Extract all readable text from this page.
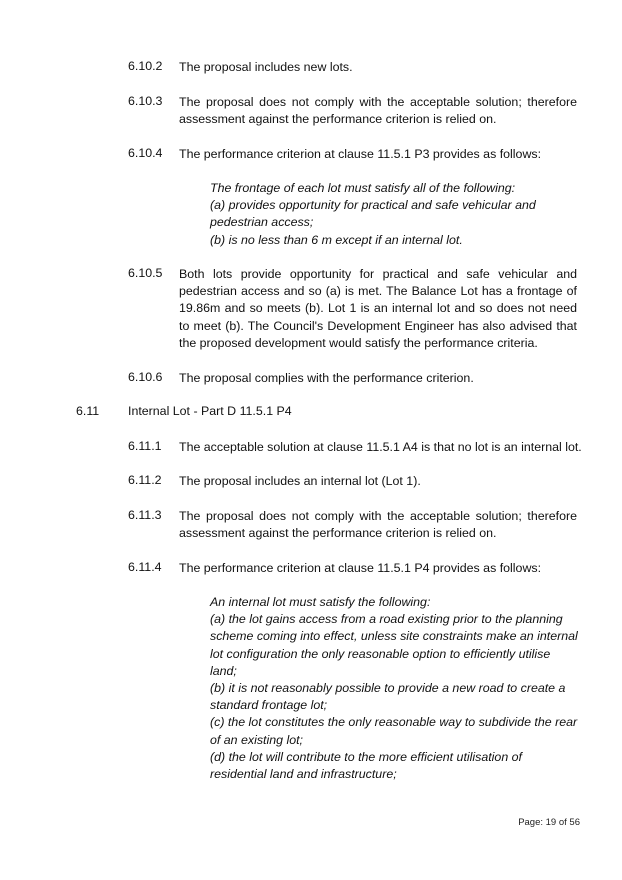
6.10.2 The proposal includes new lots.
6.10.3 The proposal does not comply with the acceptable solution; therefore assessment against the performance criterion is relied on.
6.10.4 The performance criterion at clause 11.5.1 P3 provides as follows:
The frontage of each lot must satisfy all of the following:
(a) provides opportunity for practical and safe vehicular and pedestrian access;
(b) is no less than 6 m except if an internal lot.
6.10.5 Both lots provide opportunity for practical and safe vehicular and pedestrian access and so (a) is met. The Balance Lot has a frontage of 19.86m and so meets (b). Lot 1 is an internal lot and so does not need to meet (b). The Council's Development Engineer has also advised that the proposed development would satisfy the performance criteria.
6.10.6 The proposal complies with the performance criterion.
6.11 Internal Lot - Part D 11.5.1 P4
6.11.1 The acceptable solution at clause 11.5.1 A4 is that no lot is an internal lot.
6.11.2 The proposal includes an internal lot (Lot 1).
6.11.3 The proposal does not comply with the acceptable solution; therefore assessment against the performance criterion is relied on.
6.11.4 The performance criterion at clause 11.5.1 P4 provides as follows:
An internal lot must satisfy the following:
(a) the lot gains access from a road existing prior to the planning scheme coming into effect, unless site constraints make an internal lot configuration the only reasonable option to efficiently utilise land;
(b) it is not reasonably possible to provide a new road to create a standard frontage lot;
(c) the lot constitutes the only reasonable way to subdivide the rear of an existing lot;
(d) the lot will contribute to the more efficient utilisation of residential land and infrastructure;
Page: 19 of 56
